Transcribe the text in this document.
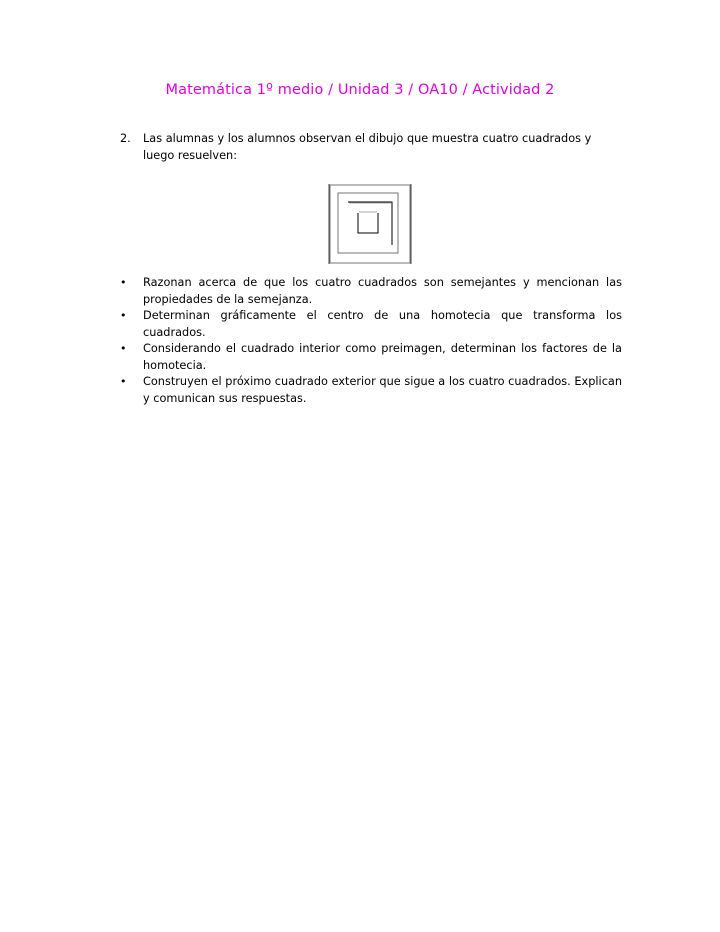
Matemática 1º medio / Unidad 3 / OA10 / Actividad 2
2.	Las alumnas y los alumnos observan el dibujo que muestra cuatro cuadrados y luego resuelven:
•	Razonan acerca de que los cuatro cuadrados son semejantes y mencionan las propiedades de la semejanza.
•	Determinan gráficamente el centro de una homotecia que transforma los cuadrados.
•	Considerando el cuadrado interior como preimagen, determinan los factores de la homotecia.
•	Construyen el próximo cuadrado exterior que sigue a los cuatro cuadrados. Explican y comunican sus respuestas.
